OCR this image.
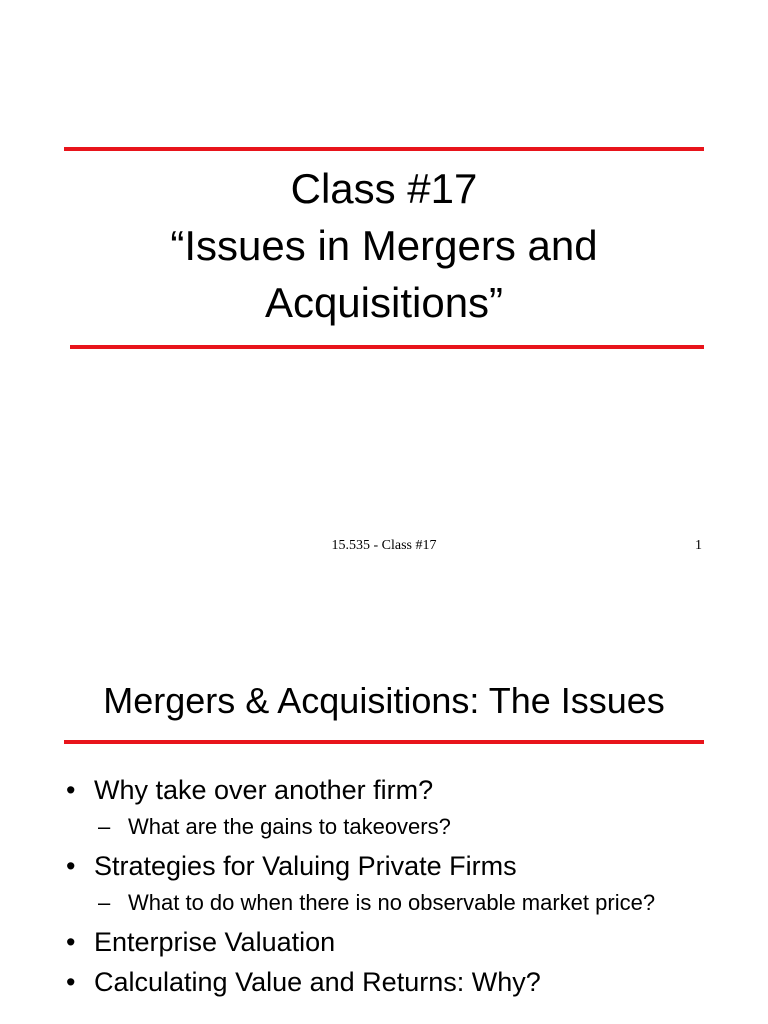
Class #17
“Issues in Mergers and
Acquisitions”
15.535 - Class #17	1
Mergers & Acquisitions: The Issues
• Why take over another firm?
– What are the gains to takeovers?
• Strategies for Valuing Private Firms
– What to do when there is no observable market price?
• Enterprise Valuation
• Calculating Value and Returns: Why?
